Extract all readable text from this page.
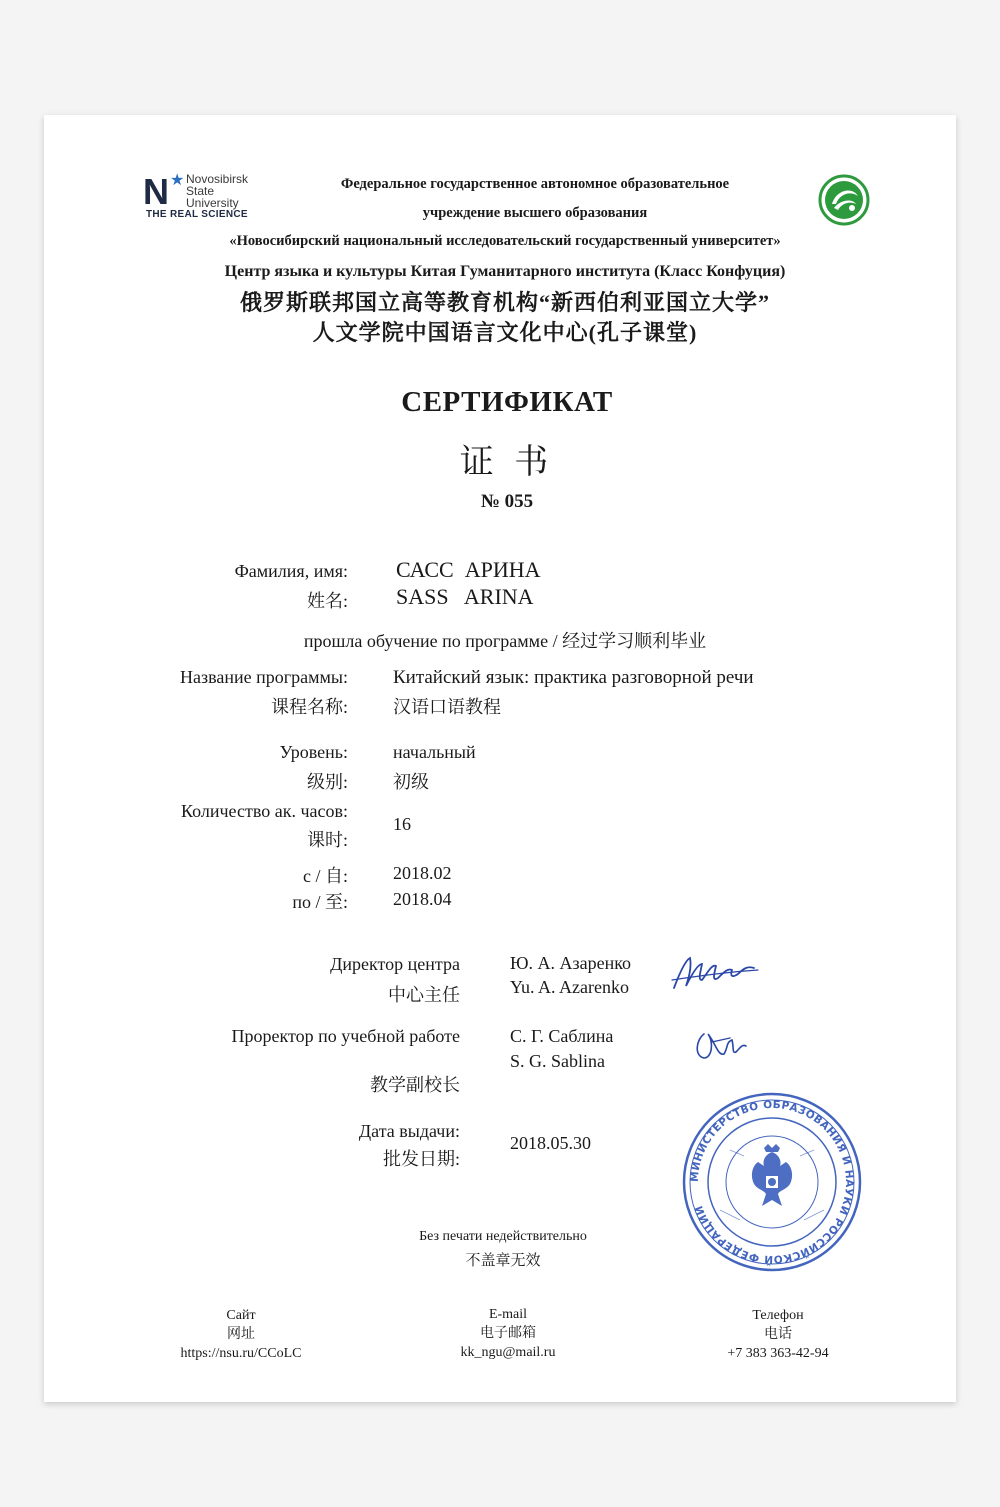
N ★ Novosibirsk
State
University
THE REAL SCIENCE
Федеральное государственное автономное образовательное
учреждение высшего образования
«Новосибирский национальный исследовательский государственный университет»
Центр языка и культуры Китая Гуманитарного института (Класс Конфуция)
俄罗斯联邦国立高等教育机构“新西伯利亚国立大学”
人文学院中国语言文化中心(孔子课堂)
СЕРТИФИКАТ
证 书
№ 055
Фамилия, имя:
姓名:
САСС  АРИНА
SASS   ARINA
прошла обучение по программе / 经过学习顺利毕业
Название программы:
课程名称:
Китайский язык: практика разговорной речи
汉语口语教程
Уровень:
级别:
начальный
初级
Количество ак. часов:
课时:
16
с / 自:
по / 至:
2018.02
2018.04
Директор центра
中心主任
Ю. А. Азаренко
Yu. A. Azarenko
Проректор по учебной работе
教学副校长
С. Г. Саблина
S. G. Sablina
Дата выдачи:
批发日期:
2018.05.30
МИНИСТЕРСТВО ОБРАЗОВАНИЯ И НАУКИ РОССИЙСКОЙ ФЕДЕРАЦИИ
Без печати недействительно
不盖章无效
Сайт
网址
https://nsu.ru/CCoLC
E-mail
电子邮箱
kk_ngu@mail.ru
Телефон
电话
+7 383 363-42-94
